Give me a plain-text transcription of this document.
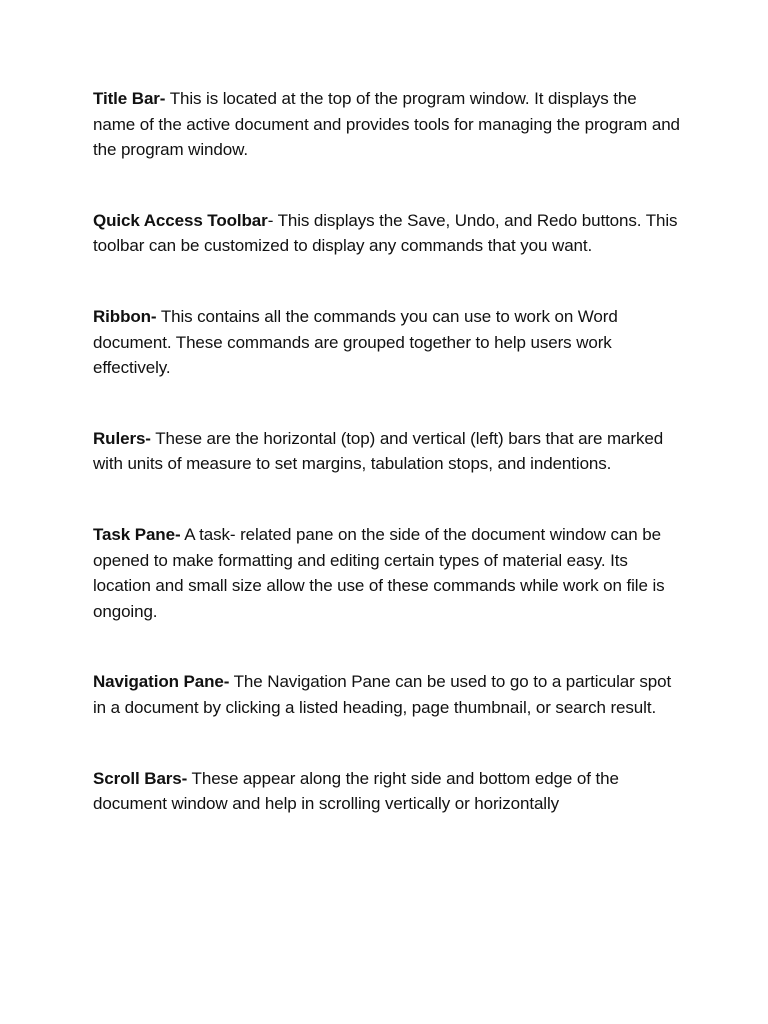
Title Bar- This is located at the top of the program window. It displays the name of the active document and provides tools for managing the program and the program window.

Quick Access Toolbar- This displays the Save, Undo, and Redo buttons. This toolbar can be customized to display any commands that you want.

Ribbon- This contains all the commands you can use to work on Word document. These commands are grouped together to help users work effectively.

Rulers- These are the horizontal (top) and vertical (left) bars that are marked with units of measure to set margins, tabulation stops, and indentions.

Task Pane- A task- related pane on the side of the document window can be opened to make formatting and editing certain types of material easy. Its location and small size allow the use of these commands while work on file is ongoing.

Navigation Pane- The Navigation Pane can be used to go to a particular spot in a document by clicking a listed heading, page thumbnail, or search result.

Scroll Bars- These appear along the right side and bottom edge of the document window and help in scrolling vertically or horizontally
